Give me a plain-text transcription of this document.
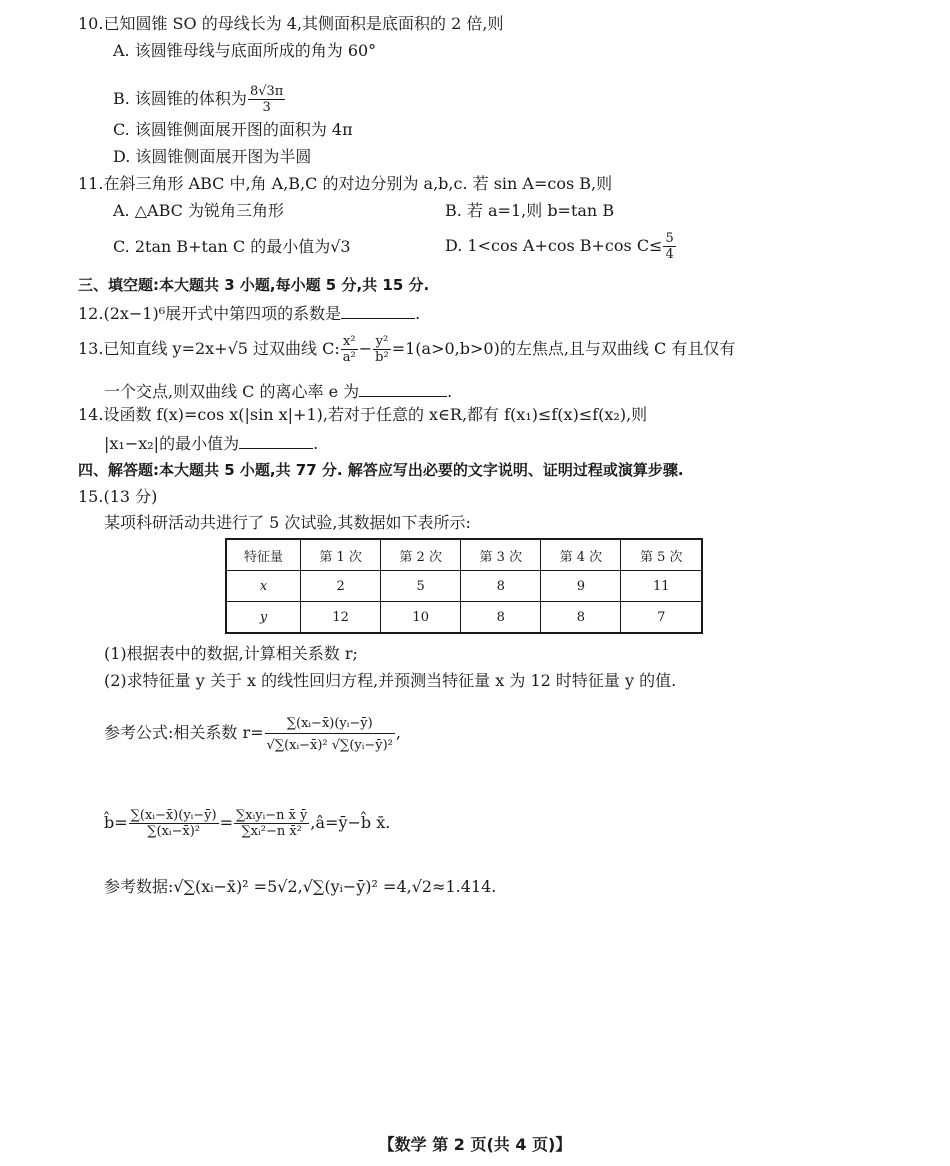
10.已知圆锥 SO 的母线长为 4,其侧面积是底面积的 2 倍,则
A. 该圆锥母线与底面所成的角为 60°
B. 该圆锥的体积为 $\frac{8√3\pi}{3}$
C. 该圆锥侧面展开图的面积为 4π
D. 该圆锥侧面展开图为半圆
11.在斜三角形 ABC 中,角 A,B,C 的对边分别为 a,b,c. 若 sin A=cos B,则
A. △ABC 为锐角三角形	B. 若 a=1,则 b=tan B
C. 2tan B+tan C 的最小值为√3	D. 1<cos A+cos B+cos $C\le \frac{5}{4}$
三、填空题:本大题共 3 小题,每小题 5 分,共 15 分.
12.(2x−1)⁶展开式中第四项的系数是	.
13.已知直线 y=2x+√5 过双曲线 C: $\frac{\text{x²}}{\text{a²}} - \frac{\text{y²}}{\text{b²}} =1(a>0,b>0)$的左焦点,且与双曲线 C 有且仅有
一个交点,则双曲线 C 的离心率 e 为	.
14.设函数 f(x)=cos x(|sin x|+1),若对于任意的 x∈R,都有 f(x₁)≤f(x)≤f(x₂),则
|x₁−x₂|的最小值为	.
四、解答题:本大题共 5 小题,共 77 分. 解答应写出必要的文字说明、证明过程或演算步骤.
15.(13 分)
某项科研活动共进行了 5 次试验,其数据如下表所示:
特征量	第 1 次	第 2 次	第 3 次	第 4 次	第 5 次
x	2	5	8	9	11
y	12	10	8	8	7
(1)根据表中的数据,计算相关系数 r;
(2)求特征量 y 关于 x 的线性回归方程,并预测当特征量 x 为 12 时特征量 y 的值.
参考公式:相关系数 $r= \frac{\text{∑(xᵢ−x̄)(yᵢ−ȳ)}}{\text{√∑(xᵢ−x̄)² √∑(yᵢ−ȳ)²}}$ ,
b̂= $\frac{\text{∑(xᵢ−x̄)(yᵢ−ȳ)}}{\text{∑(xᵢ−x̄)²}} = \frac{\text{∑xᵢyᵢ−n x̄ ȳ}}{\text{∑xᵢ²−n x̄²}}$ ,â=ȳ−b̂ x̄.
参考数据:√∑(xᵢ−x̄)² =5√2,√∑(yᵢ−ȳ)² =4,√2≈1.414.
【数学 第 2 页(共 4 页)】
